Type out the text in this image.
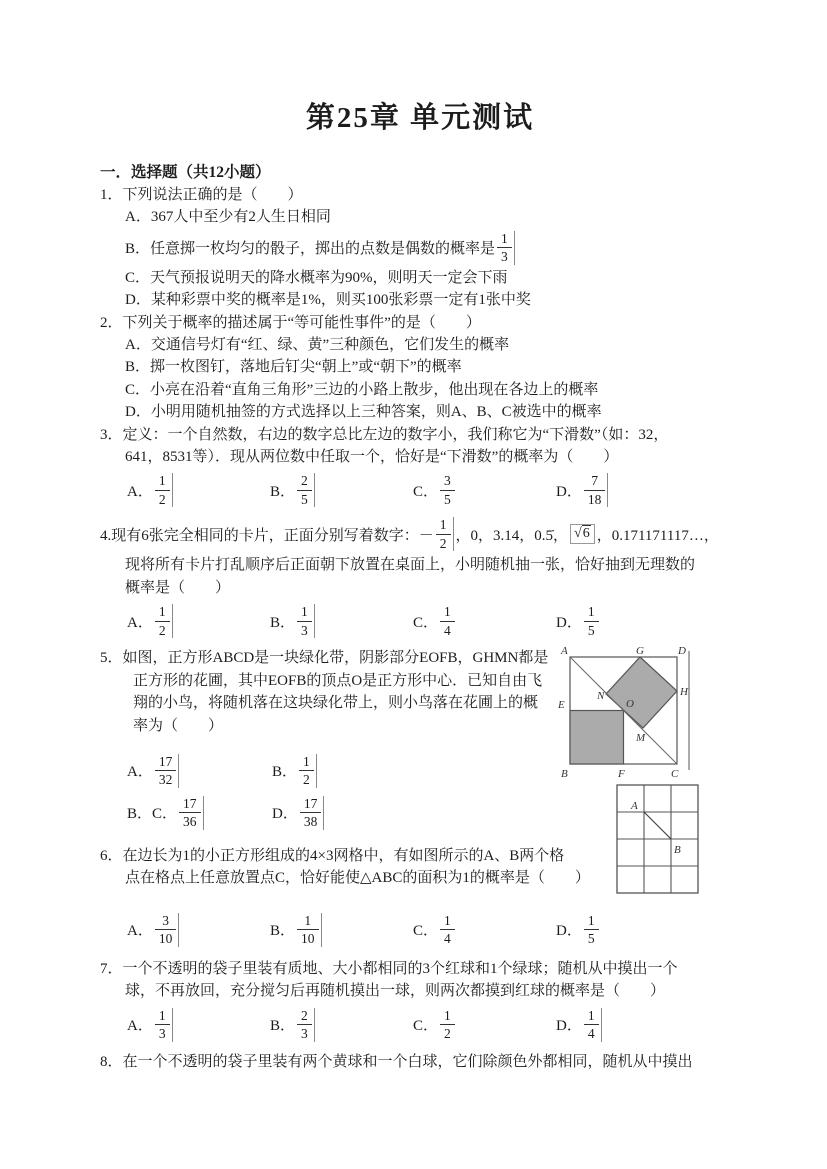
第25章 单元测试
一．选择题（共12小题）
1．下列说法正确的是（　　）
A．367人中至少有2人生日相同
B．任意掷一枚均匀的骰子，掷出的点数是偶数的概率是 $\frac{1}{3}$
C．天气预报说明天的降水概率为90%，则明天一定会下雨
D．某种彩票中奖的概率是1%，则买100张彩票一定有1张中奖
2．下列关于概率的描述属于“等可能性事件”的是（　　）
A．交通信号灯有“红、绿、黄”三种颜色，它们发生的概率
B．掷一枚图钉，落地后钉尖“朝上”或“朝下”的概率
C．小亮在沿着“直角三角形”三边的小路上散步，他出现在各边上的概率
D．小明用随机抽签的方式选择以上三种答案，则A、B、C被选中的概率
3．定义：一个自然数，右边的数字总比左边的数字小，我们称它为“下滑数”（如：32，
641，8531等）．现从两位数中任取一个，恰好是“下滑数”的概率为（　　）
A． $\frac{1}{2}$	B． $\frac{2}{5}$	C． $\frac{3}{5}$	D． $\frac{7}{18}$
4.现有6张完全相同的卡片，正面分别写着数字： － $\frac{1}{2}$ ，0，3.14，0.5̇， √6 ，0.171171117…，
现将所有卡片打乱顺序后正面朝下放置在桌面上，小明随机抽一张，恰好抽到无理数的
概率是（　　）
A． $\frac{1}{2}$	B． $\frac{1}{3}$	C． $\frac{1}{4}$	D． $\frac{1}{5}$
5．如图，正方形ABCD是一块绿化带，阴影部分EOFB，GHMN都是
正方形的花圃，其中EOFB的顶点O是正方形中心．已知自由飞
翔的小鸟，将随机落在这块绿化带上，则小鸟落在花圃上的概
率为（　　）
A． $\frac{17}{32}$	B． $\frac{1}{2}$
B．C． $\frac{17}{36}$	D． $\frac{17}{38}$
6．在边长为1的小正方形组成的4×3网格中，有如图所示的A、B两个格
点在格点上任意放置点C，恰好能使△ABC的面积为1的概率是（　　）
A． $\frac{3}{10}$	B． $\frac{1}{10}$	C． $\frac{1}{4}$	D． $\frac{1}{5}$
7．一个不透明的袋子里装有质地、大小都相同的3个红球和1个绿球；随机从中摸出一个
球，不再放回，充分搅匀后再随机摸出一球，则两次都摸到红球的概率是（　　）
A． $\frac{1}{3}$	B． $\frac{2}{3}$	C． $\frac{1}{2}$	D． $\frac{1}{4}$
8．在一个不透明的袋子里装有两个黄球和一个白球，它们除颜色外都相同，随机从中摸出
A	G	D
N	H
E	O
M
B	F	C
A
B
